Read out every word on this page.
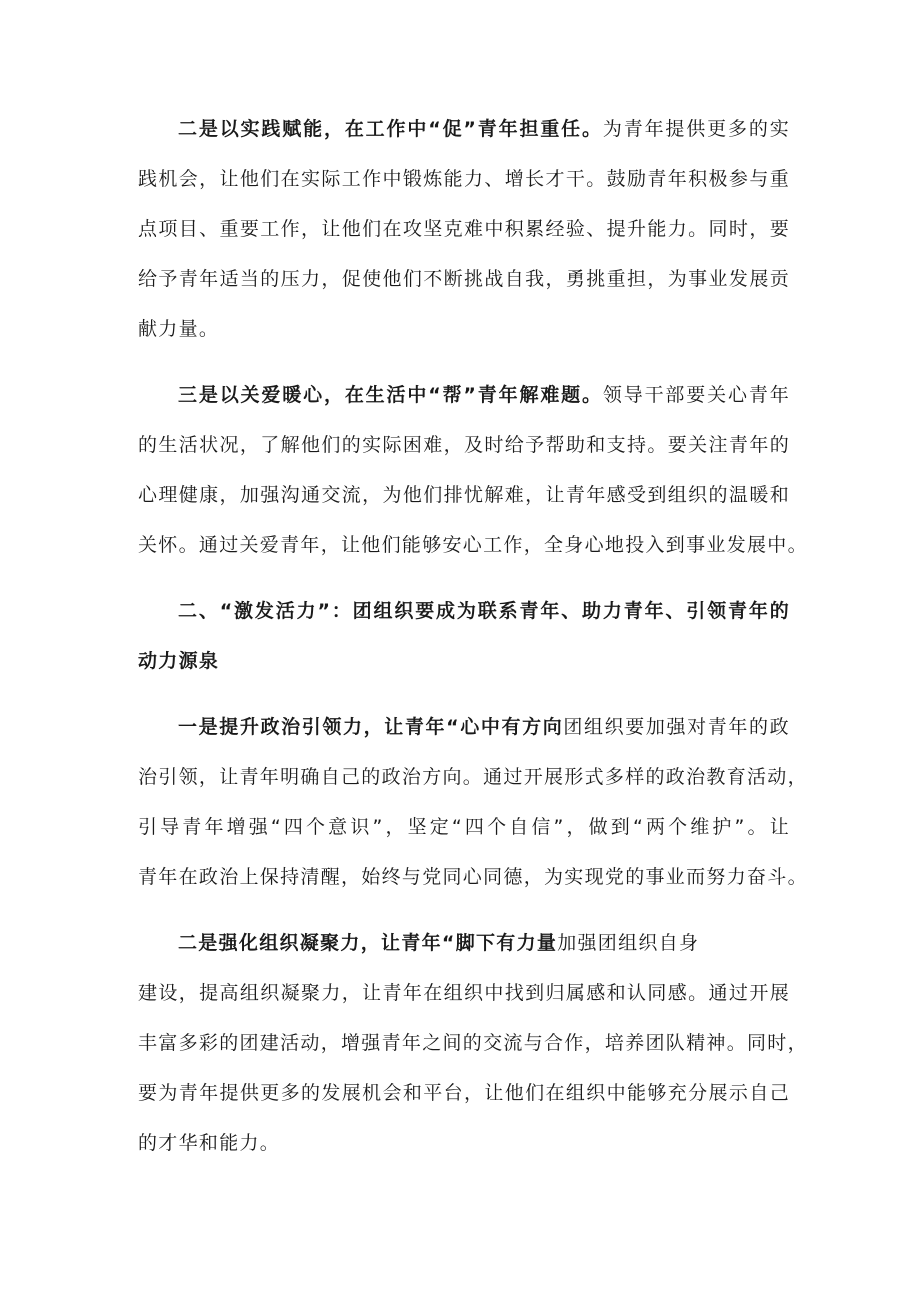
二是以实践赋能，在工作中“促”青年担重任。为青年提供更多的实
践机会，让他们在实际工作中锻炼能力、增长才干。鼓励青年积极参与重
点项目、重要工作，让他们在攻坚克难中积累经验、提升能力。同时，要
给予青年适当的压力，促使他们不断挑战自我，勇挑重担，为事业发展贡
献力量。
三是以关爱暖心，在生活中“帮”青年解难题。领导干部要关心青年
的生活状况，了解他们的实际困难，及时给予帮助和支持。要关注青年的
心理健康，加强沟通交流，为他们排忧解难，让青年感受到组织的温暖和
关怀。通过关爱青年，让他们能够安心工作，全身心地投入到事业发展中。
二、“激发活力”：团组织要成为联系青年、助力青年、引领青年的
动力源泉
一是提升政治引领力，让青年“心中有方向团组织要加强对青年的政
治引领，让青年明确自己的政治方向。通过开展形式多样的政治教育活动，
引导青年增强“四个意识”，坚定“四个自信”，做到“两个维护”。让
青年在政治上保持清醒，始终与党同心同德，为实现党的事业而努力奋斗。
二是强化组织凝聚力，让青年“脚下有力量加强团组织自身
建设，提高组织凝聚力，让青年在组织中找到归属感和认同感。通过开展
丰富多彩的团建活动，增强青年之间的交流与合作，培养团队精神。同时，
要为青年提供更多的发展机会和平台，让他们在组织中能够充分展示自己
的才华和能力。
